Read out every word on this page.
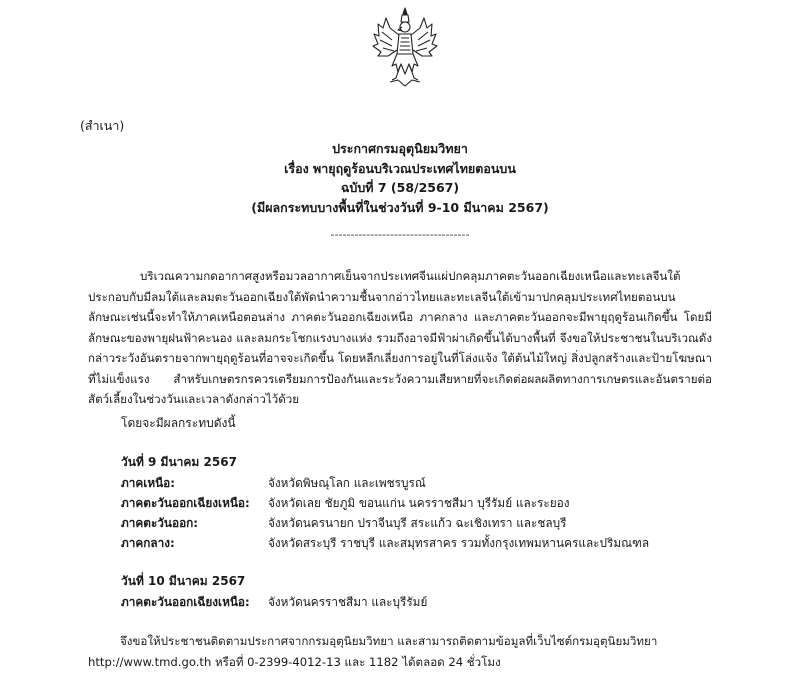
(สำเนา)
ประกาศกรมอุตุนิยมวิทยา
เรื่อง พายุฤดูร้อนบริเวณประเทศไทยตอนบน
ฉบับที่ 7 (58/2567)
(มีผลกระทบบางพื้นที่ในช่วงวันที่ 9-10 มีนาคม 2567)
-----------------------------------
บริเวณความกดอากาศสูงหรือมวลอากาศเย็นจากประเทศจีนแผ่ปกคลุมภาคตะวันออกเฉียงเหนือและทะเลจีนใต้ ประกอบกับมีลมใต้และลมตะวันออกเฉียงใต้พัดนำความชื้นจากอ่าวไทยและทะเลจีนใต้เข้ามาปกคลุมประเทศไทยตอนบน ลักษณะเช่นนี้จะทำให้ภาคเหนือตอนล่าง ภาคตะวันออกเฉียงเหนือ ภาคกลาง และภาคตะวันออกจะมีพายุฤดูร้อนเกิดขึ้น โดยมีลักษณะของพายุฝนฟ้าคะนอง และลมกระโชกแรงบางแห่ง รวมถึงอาจมีฟ้าผ่าเกิดขึ้นได้บางพื้นที่ จึงขอให้ประชาชนในบริเวณดังกล่าวระวังอันตรายจากพายุฤดูร้อนที่อาจจะเกิดขึ้น โดยหลีกเลี่ยงการอยู่ในที่โล่งแจ้ง ใต้ต้นไม้ใหญ่ สิ่งปลูกสร้างและป้ายโฆษณาที่ไม่แข็งแรง สำหรับเกษตรกรควรเตรียมการป้องกันและระวังความเสียหายที่จะเกิดต่อผลผลิตทางการเกษตรและอันตรายต่อสัตว์เลี้ยงในช่วงวันและเวลาดังกล่าวไว้ด้วย
โดยจะมีผลกระทบดังนี้
วันที่ 9 มีนาคม 2567
ภาคเหนือ:	จังหวัดพิษณุโลก และเพชรบูรณ์
ภาคตะวันออกเฉียงเหนือ: จังหวัดเลย ชัยภูมิ ขอนแก่น นครราชสีมา บุรีรัมย์ และระยอง
ภาคตะวันออก:	จังหวัดนครนายก ปราจีนบุรี สระแก้ว ฉะเชิงเทรา และชลบุรี
ภาคกลาง:	จังหวัดสระบุรี ราชบุรี และสมุทรสาคร รวมทั้งกรุงเทพมหานครและปริมณฑล
วันที่ 10 มีนาคม 2567
ภาคตะวันออกเฉียงเหนือ: จังหวัดนครราชสีมา และบุรีรัมย์
จึงขอให้ประชาชนติดตามประกาศจากกรมอุตุนิยมวิทยา และสามารถติดตามข้อมูลที่เว็บไซต์กรมอุตุนิยมวิทยา http://www.tmd.go.th หรือที่ 0-2399-4012-13 และ 1182 ได้ตลอด 24 ชั่วโมง
